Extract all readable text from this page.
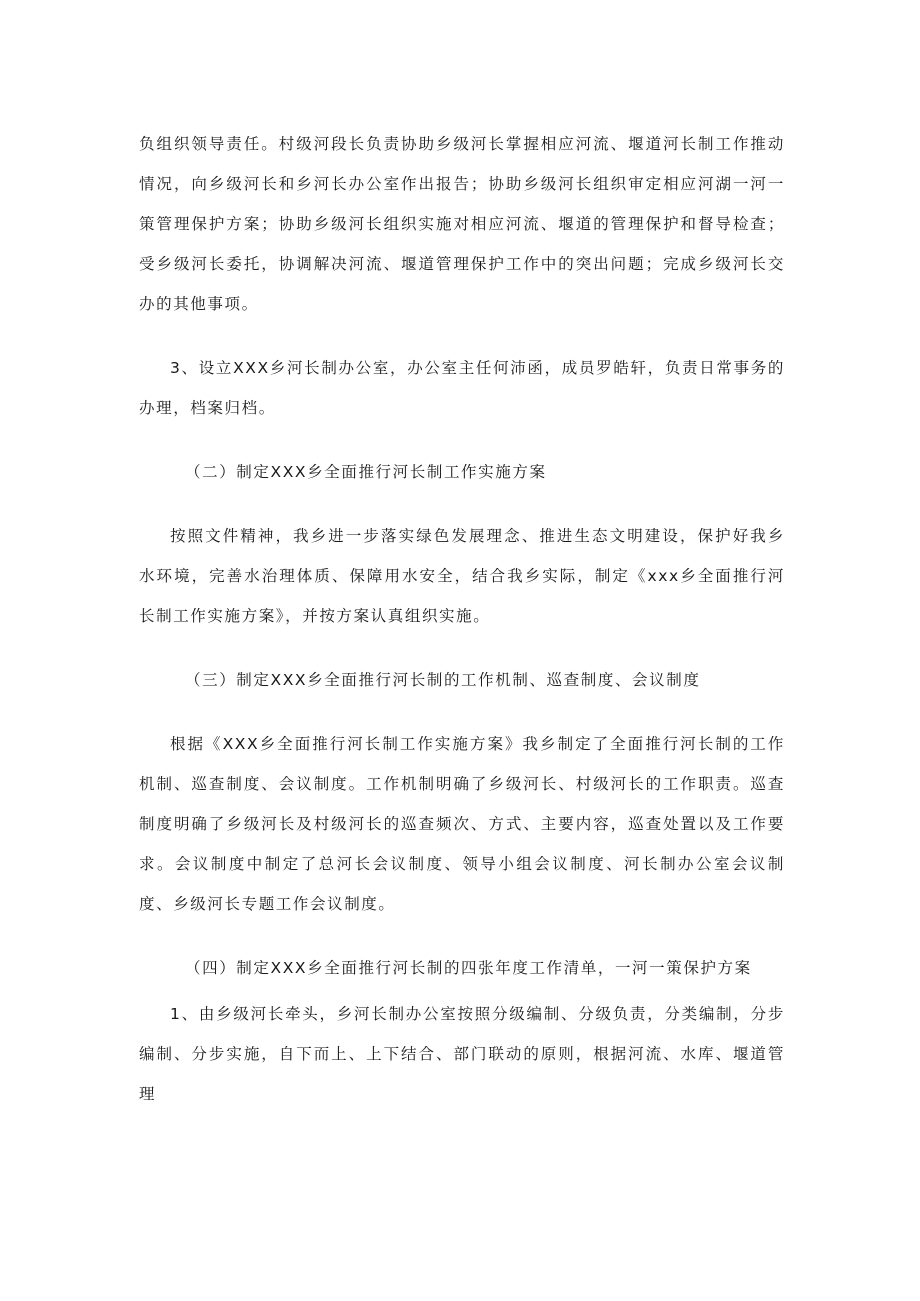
负组织领导责任。村级河段长负责协助乡级河长掌握相应河流、堰道河长制工作推动情况，向乡级河长和乡河长办公室作出报告；协助乡级河长组织审定相应河湖一河一策管理保护方案；协助乡级河长组织实施对相应河流、堰道的管理保护和督导检查；受乡级河长委托，协调解决河流、堰道管理保护工作中的突出问题；完成乡级河长交办的其他事项。

3、设立XXX乡河长制办公室，办公室主任何沛函，成员罗皓轩，负责日常事务的办理，档案归档。

（二）制定XXX乡全面推行河长制工作实施方案

按照文件精神，我乡进一步落实绿色发展理念、推进生态文明建设，保护好我乡水环境，完善水治理体质、保障用水安全，结合我乡实际，制定《xxx乡全面推行河长制工作实施方案》，并按方案认真组织实施。

（三）制定XXX乡全面推行河长制的工作机制、巡查制度、会议制度

根据《XXX乡全面推行河长制工作实施方案》我乡制定了全面推行河长制的工作机制、巡查制度、会议制度。工作机制明确了乡级河长、村级河长的工作职责。巡查制度明确了乡级河长及村级河长的巡查频次、方式、主要内容，巡查处置以及工作要求。会议制度中制定了总河长会议制度、领导小组会议制度、河长制办公室会议制度、乡级河长专题工作会议制度。

（四）制定XXX乡全面推行河长制的四张年度工作清单，一河一策保护方案

1、由乡级河长牵头，乡河长制办公室按照分级编制、分级负责，分类编制，分步编制、分步实施，自下而上、上下结合、部门联动的原则，根据河流、水库、堰道管理
